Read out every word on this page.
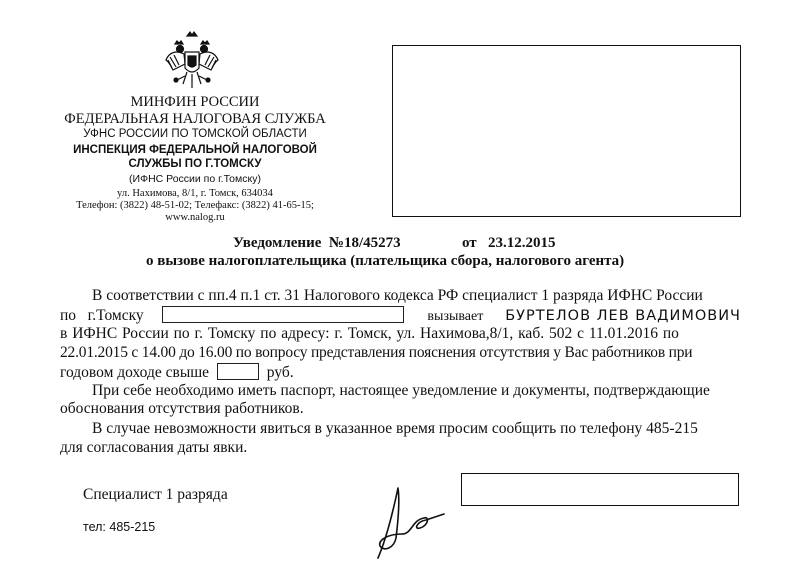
МИНФИН РОССИИ
ФЕДЕРАЛЬНАЯ НАЛОГОВАЯ СЛУЖБА
УФНС РОССИИ ПО ТОМСКОЙ ОБЛАСТИ
ИНСПЕКЦИЯ ФЕДЕРАЛЬНОЙ НАЛОГОВОЙ
СЛУЖБЫ ПО Г.ТОМСКУ
(ИФНС России по г.Томску)
ул. Нахимова, 8/1, г. Томск, 634034
Телефон: (3822) 48-51-02; Телефакс: (3822) 41-65-15;
www.nalog.ru
Уведомление  №18/45273	от 23.12.2015
о вызове налогоплательщика (плательщика сбора, налогового агента)
В соответствии с пп.4 п.1 ст. 31 Налогового кодекса РФ специалист 1 разряда ИФНС России
по   г.Томску	вызывает БУРТЕЛОВ ЛЕВ ВАДИМОВИЧ
в ИФНС России по г. Томску по адресу: г. Томск, ул. Нахимова,8/1, каб. 502 с 11.01.2016 по
22.01.2015 с 14.00 до 16.00 по вопросу представления пояснения отсутствия у Вас работников при
годовом доходе свыше	руб.
При себе необходимо иметь паспорт, настоящее уведомление и документы, подтверждающие
обоснования отсутствия работников.
В случае невозможности явиться в указанное время просим сообщить по телефону 485-215
для согласования даты явки.
Специалист 1 разряда
тел: 485-215
